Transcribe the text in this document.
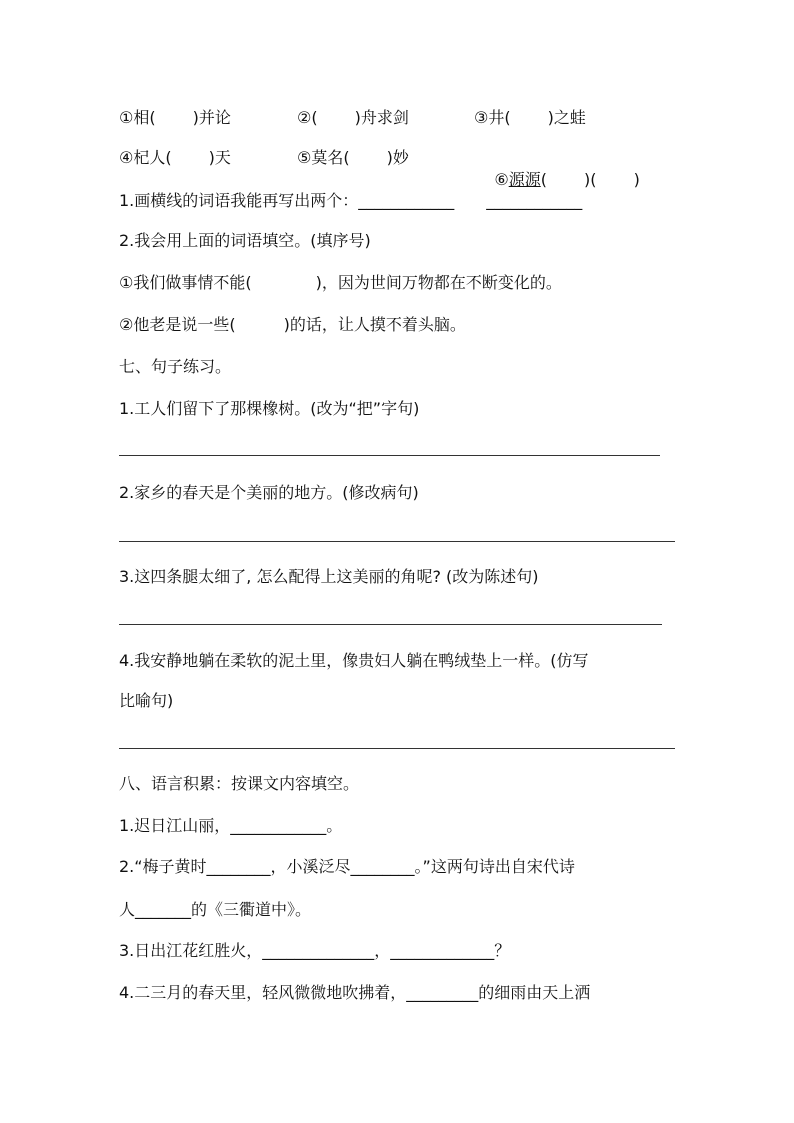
①相(　　 )并论	②(　　 )舟求剑	③井(　　 )之蛙
④杞人(　　 )天	⑤莫名(　　 )妙

⑥源源(　　 )(　　 )

1.画横线的词语我能再写出两个：____________　　____________
2.我会用上面的词语填空。(填序号)
①我们做事情不能(　　　　)，因为世间万物都在不断变化的。
②他老是说一些(　　　)的话，让人摸不着头脑。
七、句子练习。
1.工人们留下了那棵橡树。(改为“把”字句)
2.家乡的春天是个美丽的地方。(修改病句)
3.这四条腿太细了, 怎么配得上这美丽的角呢? (改为陈述句)
4.我安静地躺在柔软的泥土里，像贵妇人躺在鸭绒垫上一样。(仿写
比喻句)
八、语言积累：按课文内容填空。
1.迟日江山丽，____________。
2.“梅子黄时________，小溪泛尽________。”这两句诗出自宋代诗
人_______的《三衢道中》。
3.日出江花红胜火，______________，_____________？
4.二三月的春天里，轻风微微地吹拂着，_________的细雨由天上洒
